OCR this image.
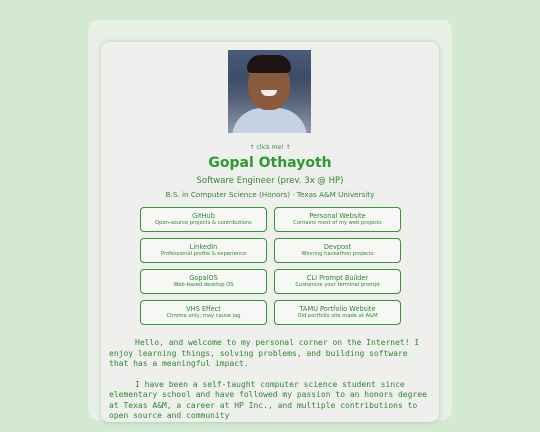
↑ click me! ↑
Gopal Othayoth
Software Engineer (prev. 3x @ HP)
B.S. in Computer Science (Honors) · Texas A&M University
GitHub
Open-source projects & contributions
Personal Website
Contains most of my web projects
LinkedIn
Professional profile & experience
Devpost
Winning hackathon projects
GopalOS
Web-based desktop OS
CLI Prompt Builder
Customize your terminal prompt
VHS Effect
Chrome only; may cause lag
TAMU Portfolio Website
Old portfolio site made at A&M

Hello, and welcome to my personal corner on the Internet! I enjoy learning things, solving problems, and building software that has a meaningful impact.

I have been a self-taught computer science student since elementary school and have followed my passion to an honors degree at Texas A&M, a career at HP Inc., and multiple contributions to open source and community
